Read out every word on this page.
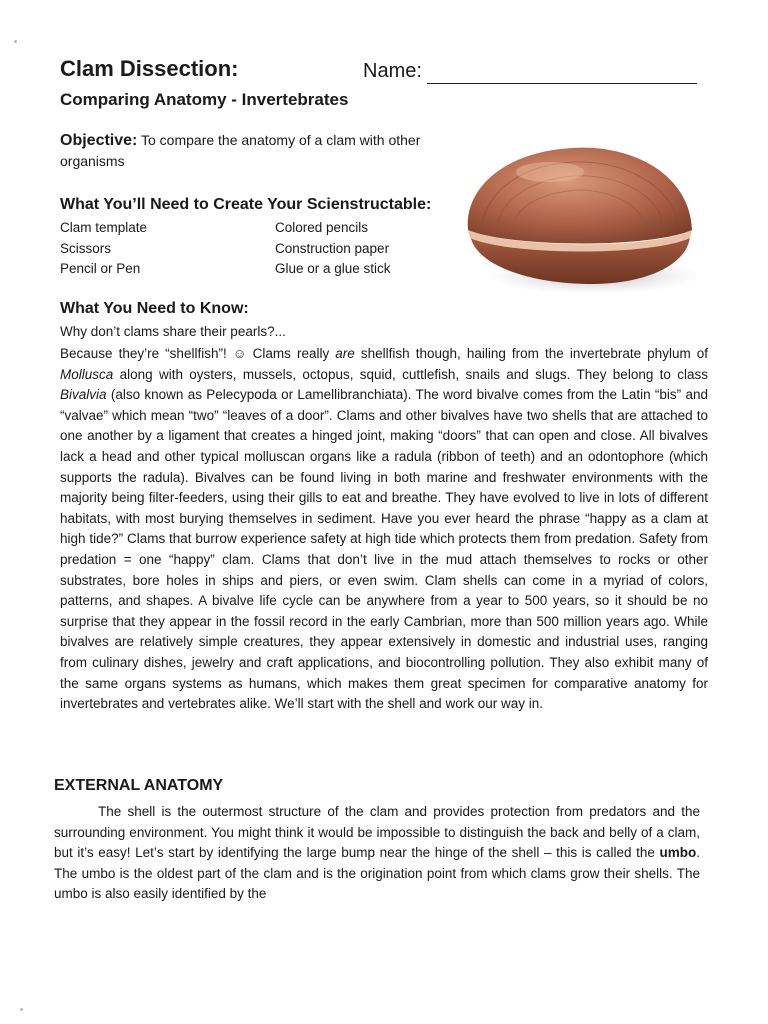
Clam Dissection:	Name:
Comparing Anatomy - Invertebrates
Objective: To compare the anatomy of a clam with other organisms
What You’ll Need to Create Your Scienstructable:
Clam template
Scissors
Pencil or Pen
Colored pencils
Construction paper
Glue or a glue stick
What You Need to Know:
Why don’t clams share their pearls?...
Because they’re “shellfish”! ☺ Clams really are shellfish though, hailing from the invertebrate phylum of Mollusca along with oysters, mussels, octopus, squid, cuttlefish, snails and slugs. They belong to class Bivalvia (also known as Pelecypoda or Lamellibranchiata). The word bivalve comes from the Latin “bis” and “valvae” which mean “two” “leaves of a door”. Clams and other bivalves have two shells that are attached to one another by a ligament that creates a hinged joint, making “doors” that can open and close. All bivalves lack a head and other typical molluscan organs like a radula (ribbon of teeth) and an odontophore (which supports the radula). Bivalves can be found living in both marine and freshwater environments with the majority being filter-feeders, using their gills to eat and breathe. They have evolved to live in lots of different habitats, with most burying themselves in sediment. Have you ever heard the phrase “happy as a clam at high tide?” Clams that burrow experience safety at high tide which protects them from predation. Safety from predation = one “happy” clam. Clams that don’t live in the mud attach themselves to rocks or other substrates, bore holes in ships and piers, or even swim. Clam shells can come in a myriad of colors, patterns, and shapes. A bivalve life cycle can be anywhere from a year to 500 years, so it should be no surprise that they appear in the fossil record in the early Cambrian, more than 500 million years ago. While bivalves are relatively simple creatures, they appear extensively in domestic and industrial uses, ranging from culinary dishes, jewelry and craft applications, and biocontrolling pollution. They also exhibit many of the same organs systems as humans, which makes them great specimen for comparative anatomy for invertebrates and vertebrates alike. We’ll start with the shell and work our way in.
EXTERNAL ANATOMY
The shell is the outermost structure of the clam and provides protection from predators and the surrounding environment. You might think it would be impossible to distinguish the back and belly of a clam, but it’s easy! Let’s start by identifying the large bump near the hinge of the shell – this is called the umbo. The umbo is the oldest part of the clam and is the origination point from which clams grow their shells. The umbo is also easily identified by the
